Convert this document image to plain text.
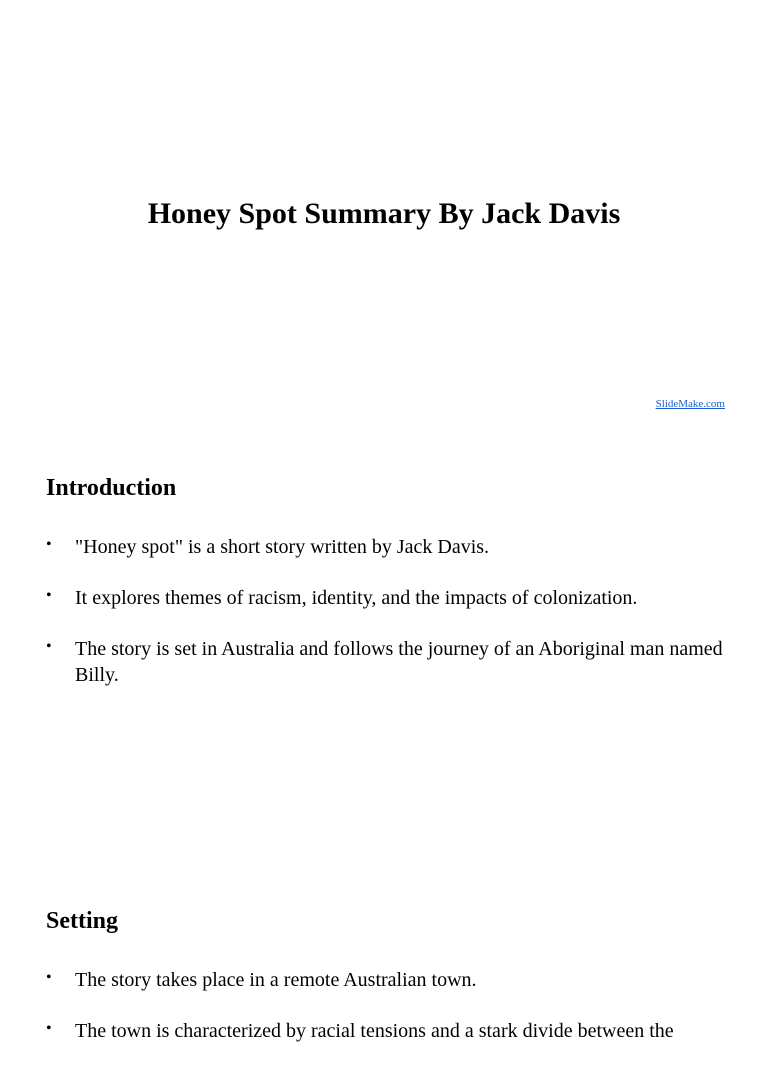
Honey Spot Summary By Jack Davis
SlideMake.com
Introduction
• "Honey spot" is a short story written by Jack Davis.
• It explores themes of racism, identity, and the impacts of colonization.
• The story is set in Australia and follows the journey of an Aboriginal man named Billy.
Setting
• The story takes place in a remote Australian town.
• The town is characterized by racial tensions and a stark divide between the
